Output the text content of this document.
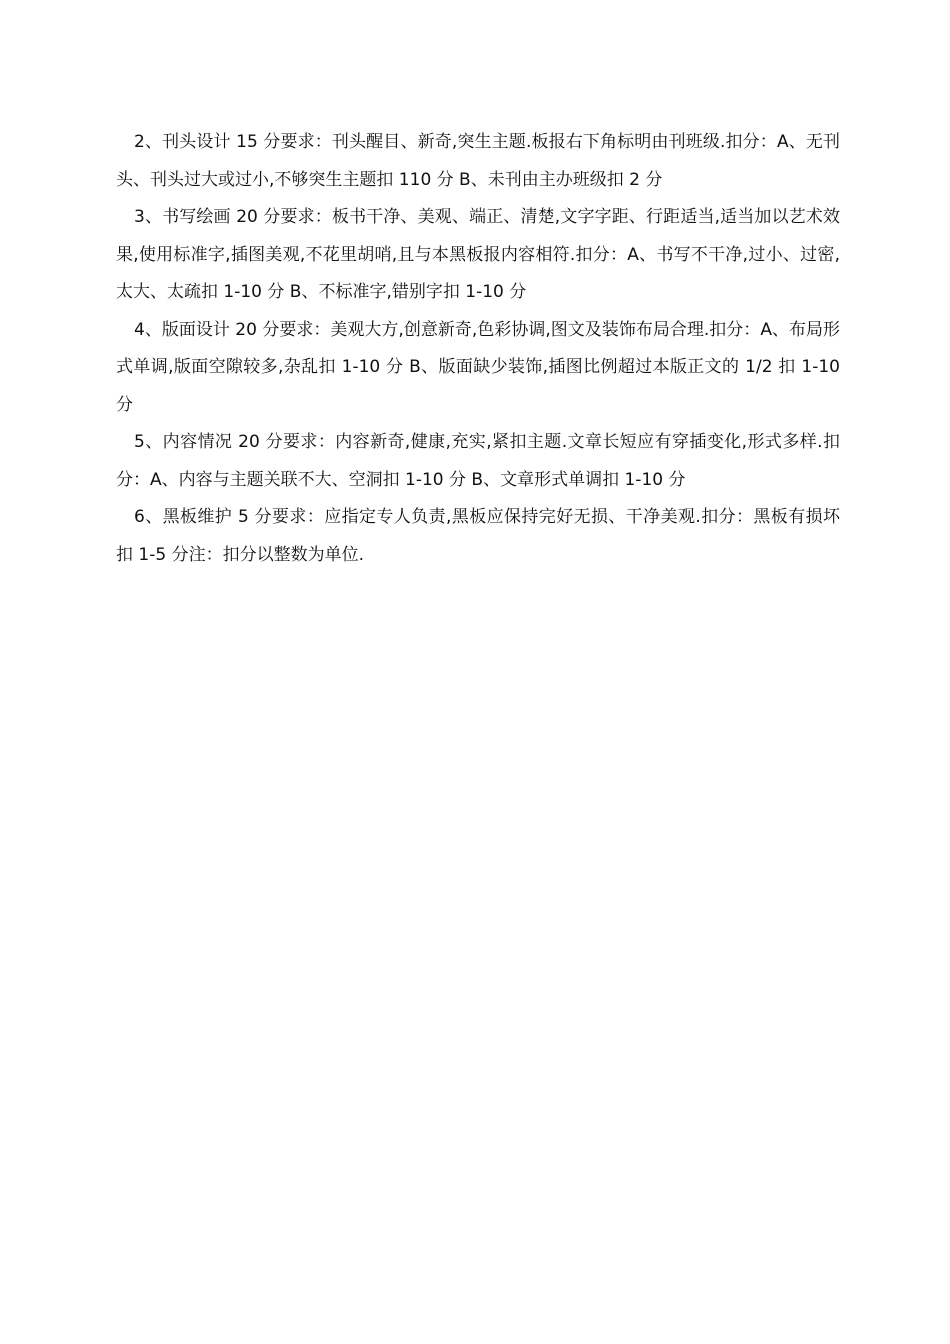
2、刊头设计 15 分要求：刊头醒目、新奇,突生主题.板报右下角标明由刊班级.扣分：A、无刊头、刊头过大或过小,不够突生主题扣 110 分 B、未刊由主办班级扣 2 分

3、书写绘画 20 分要求：板书干净、美观、端正、清楚,文字字距、行距适当,适当加以艺术效果,使用标准字,插图美观,不花里胡哨,且与本黑板报内容相符.扣分：A、书写不干净,过小、过密,太大、太疏扣 1-10 分 B、不标准字,错别字扣 1-10 分

4、版面设计 20 分要求：美观大方,创意新奇,色彩协调,图文及装饰布局合理.扣分：A、布局形式单调,版面空隙较多,杂乱扣 1-10 分 B、版面缺少装饰,插图比例超过本版正文的 1/2 扣 1-10 分

5、内容情况 20 分要求：内容新奇,健康,充实,紧扣主题.文章长短应有穿插变化,形式多样.扣分：A、内容与主题关联不大、空洞扣 1-10 分 B、文章形式单调扣 1-10 分

6、黑板维护 5 分要求：应指定专人负责,黑板应保持完好无损、干净美观.扣分：黑板有损坏扣 1-5 分注：扣分以整数为单位.
